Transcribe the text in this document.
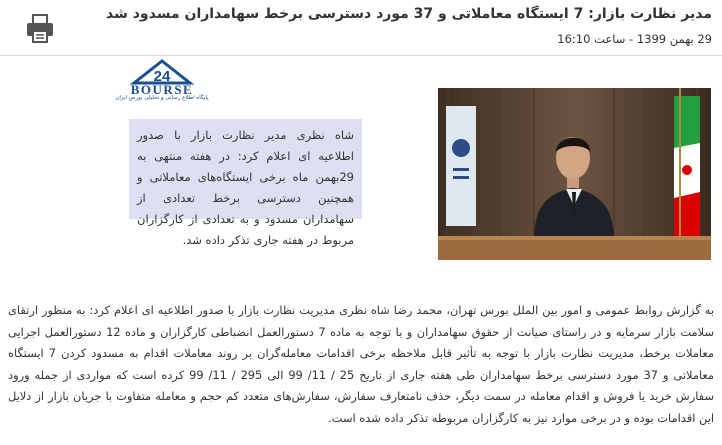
مدیر نظارت بازار: 7 ایستگاه معاملاتی و 37 مورد دسترسی برخط سهامداران مسدود شد
29 بهمن 1399 - ساعت 16:10
24
BOURSE
پایگاه اطلاع رسانی و تحلیلی بورس ایران
شاه نظری مدیر نظارت بازار با صدور اطلاعیه ای اعلام کرد: در هفته منتهی به 29بهمن ماه برخی ایستگاه‌های معاملاتی و همچنین دسترسی برخط تعدادی از سهامداران مسدود و به تعدادی از کارگزاران مربوط در هفته جاری تذکر داده شد.
به گزارش روابط عمومی و امور بین الملل بورس تهران، محمد رضا شاه نظری مدیریت نظارت بازار با صدور اطلاعیه ای اعلام کرد: به منظور ارتقای سلامت بازار سرمایه و در راستای صیانت از حقوق سهامداران و با توجه به ماده 7 دستورالعمل انضباطی کارگزاران و ماده 12 دستورالعمل اجرایی معاملات برخط، مدیریت نظارت بازار با توجه به تأثیر قابل ملاحظه برخی اقدامات معامله‌گران بر روند معاملات اقدام به مسدود کردن 7 ایستگاه معاملاتی و 37 مورد دسترسی برخط سهامداران طی هفته جاری از تاریخ 25 / 11/ 99 الی 295 / 11/ 99 کرده است که مواردی از جمله ورود سفارش خرید یا فروش و اقدام معامله در سمت دیگر، حذف نامتعارف سفارش، سفارش‌های متعدد کم حجم و معامله متفاوت با جریان بازار از دلایل این اقدامات بوده و در برخی موارد نیز به کارگزاران مربوطه تذکر داده شده است.
